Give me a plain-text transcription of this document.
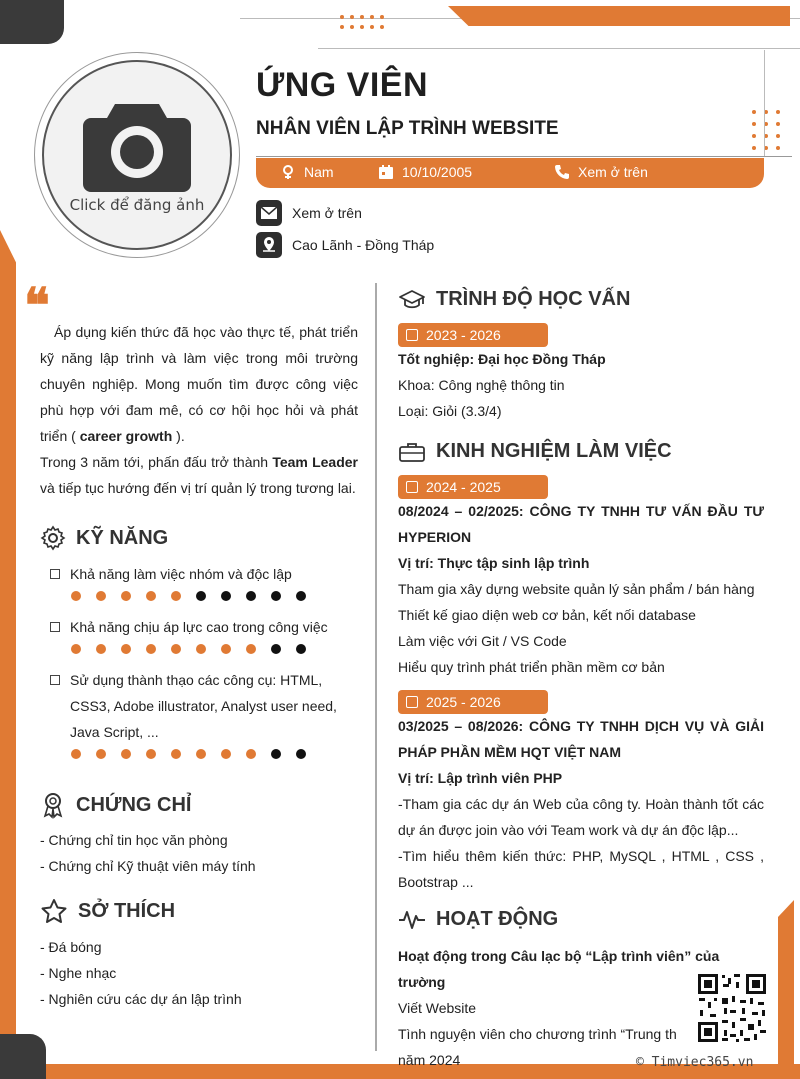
Click để đăng ảnh
ỨNG VIÊN
NHÂN VIÊN LẬP TRÌNH WEBSITE
Nam	10/10/2005	Xem ở trên
Xem ở trên
Cao Lãnh - Đồng Tháp
❝ Áp dụng kiến thức đã học vào thực tế, phát triển kỹ năng lập trình và làm việc trong môi trường chuyên nghiệp. Mong muốn tìm được công việc phù hợp với đam mê, có cơ hội học hỏi và phát triển ( career growth ).

Trong 3 năm tới, phấn đấu trở thành Team Leader và tiếp tục hướng đến vị trí quản lý trong tương lai.

KỸ NĂNG
Khả năng làm việc nhóm và độc lập
Khả năng chịu áp lực cao trong công việc
Sử dụng thành thạo các công cụ: HTML, CSS3, Adobe illustrator, Analyst user need, Java Script, ...
CHỨNG CHỈ
- Chứng chỉ tin học văn phòng
- Chứng chỉ Kỹ thuật viên máy tính
SỞ THÍCH
- Đá bóng
- Nghe nhạc
- Nghiên cứu các dự án lập trình
TRÌNH ĐỘ HỌC VẤN
2023 - 2026
Tốt nghiệp: Đại học Đồng Tháp
Khoa: Công nghệ thông tin
Loại: Giỏi (3.3/4)
KINH NGHIỆM LÀM VIỆC
2024 - 2025
08/2024 – 02/2025: CÔNG TY TNHH TƯ VẤN ĐẦU TƯ HYPERION
Vị trí: Thực tập sinh lập trình
Tham gia xây dựng website quản lý sản phẩm / bán hàng
Thiết kế giao diện web cơ bản, kết nối database
Làm việc với Git / VS Code
Hiểu quy trình phát triển phần mềm cơ bản
2025 - 2026
03/2025 – 08/2026: CÔNG TY TNHH DỊCH VỤ VÀ GIẢI PHÁP PHẦN MỀM HQT VIỆT NAM
Vị trí: Lập trình viên PHP
-Tham gia các dự án Web của công ty. Hoàn thành tốt các dự án được join vào với Team work và dự án độc lập...
-Tìm hiểu thêm kiến thức: PHP, MySQL , HTML , CSS , Bootstrap ...
HOẠT ĐỘNG
Hoạt động trong Câu lạc bộ “Lập trình viên” của trường
Viết Website
Tình nguyện viên cho chương trình “Trung th
năm 2024	© Timviec365.vn
